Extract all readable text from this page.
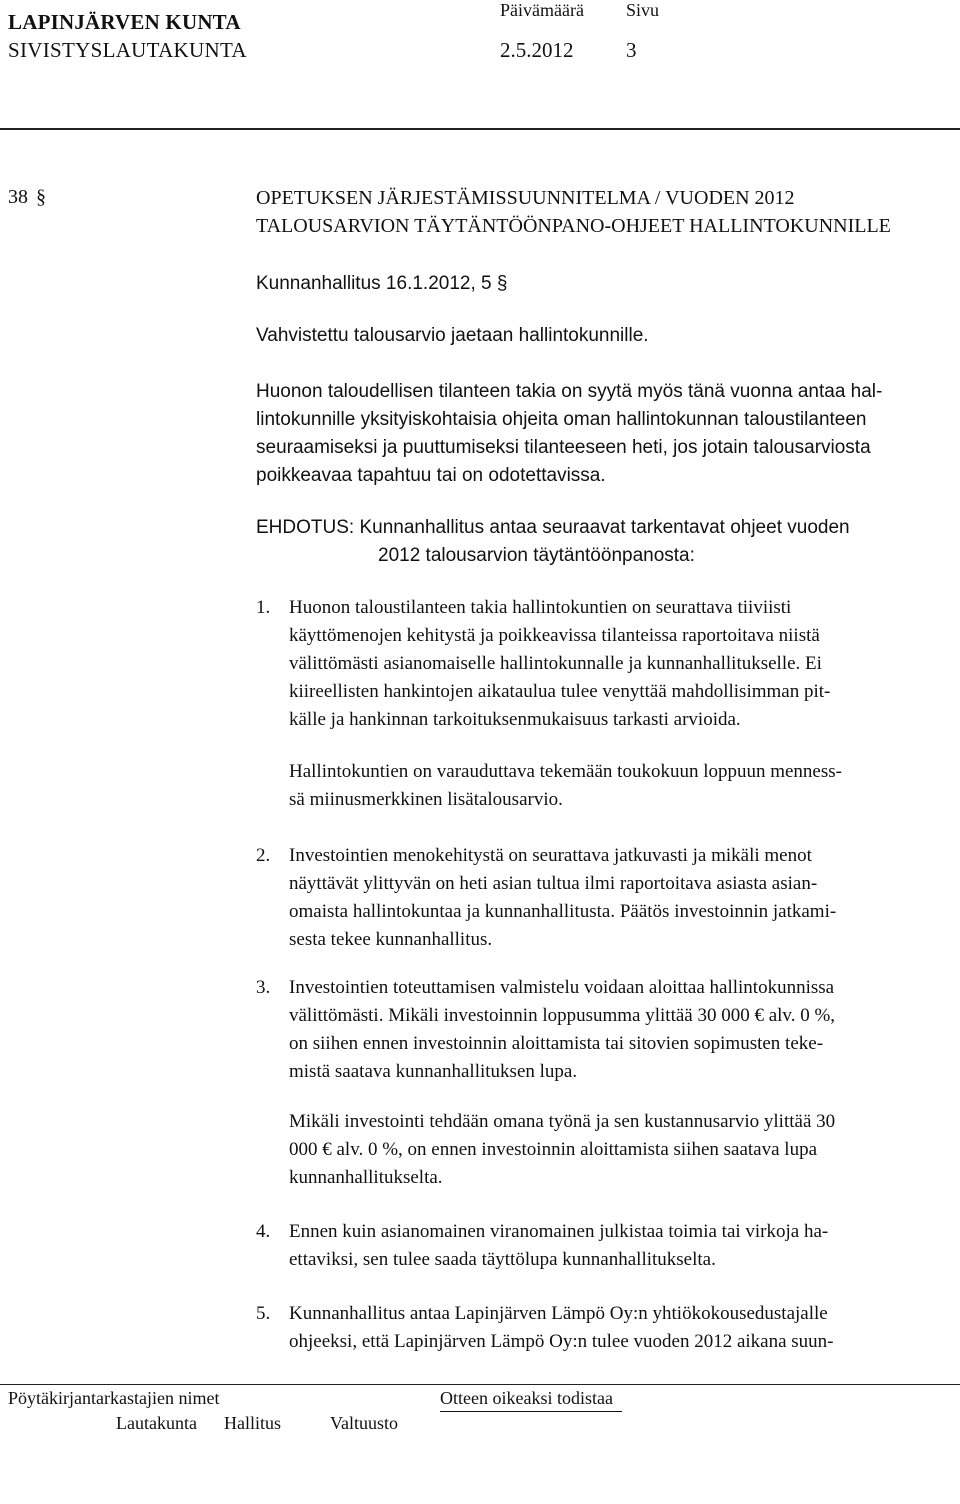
LAPINJÄRVEN KUNTA
SIVISTYSLAUTAKUNTA
Päivämäärä Sivu
2.5.2012	3
38 §	OPETUKSEN JÄRJESTÄMISSUUNNITELMA / VUODEN 2012 TALOUSARVION TÄYTÄNTÖÖNPANO-OHJEET HALLINTOKUNNILLE
Kunnanhallitus 16.1.2012, 5 §
Vahvistettu talousarvio jaetaan hallintokunnille.
Huonon taloudellisen tilanteen takia on syytä myös tänä vuonna antaa hal-
lintokunnille yksityiskohtaisia ohjeita oman hallintokunnan taloustilanteen
seuraamiseksi ja puuttumiseksi tilanteeseen heti, jos jotain talousarviosta
poikkeavaa tapahtuu tai on odotettavissa.
EHDOTUS: Kunnanhallitus antaa seuraavat tarkentavat ohjeet vuoden
2012 talousarvion täytäntöönpanosta:
1. Huonon taloustilanteen takia hallintokuntien on seurattava tiiviisti
käyttömenojen kehitystä ja poikkeavissa tilanteissa raportoitava niistä
välittömästi asianomaiselle hallintokunnalle ja kunnanhallitukselle. Ei
kiireellisten hankintojen aikataulua tulee venyttää mahdollisimman pit-
källe ja hankinnan tarkoituksenmukaisuus tarkasti arvioida.
Hallintokuntien on varauduttava tekemään toukokuun loppuun menness-
sä miinusmerkkinen lisätalousarvio.
2. Investointien menokehitystä on seurattava jatkuvasti ja mikäli menot
näyttävät ylittyvän on heti asian tultua ilmi raportoitava asiasta asian-
omaista hallintokuntaa ja kunnanhallitusta. Päätös investoinnin jatkami-
sesta tekee kunnanhallitus.
3. Investointien toteuttamisen valmistelu voidaan aloittaa hallintokunnissa
välittömästi. Mikäli investoinnin loppusumma ylittää 30 000 € alv. 0 %,
on siihen ennen investoinnin aloittamista tai sitovien sopimusten teke-
mistä saatava kunnanhallituksen lupa.
Mikäli investointi tehdään omana työnä ja sen kustannusarvio ylittää 30
000 € alv. 0 %, on ennen investoinnin aloittamista siihen saatava lupa
kunnanhallitukselta.
4. Ennen kuin asianomainen viranomainen julkistaa toimia tai virkoja ha-
ettaviksi, sen tulee saada täyttölupa kunnanhallitukselta.
5. Kunnanhallitus antaa Lapinjärven Lämpö Oy:n yhtiökokousedustajalle
ohjeeksi, että Lapinjärven Lämpö Oy:n tulee vuoden 2012 aikana suun-
Pöytäkirjantarkastajien nimet	Otteen oikeaksi todistaa
Lautakunta Hallitus	Valtuusto
